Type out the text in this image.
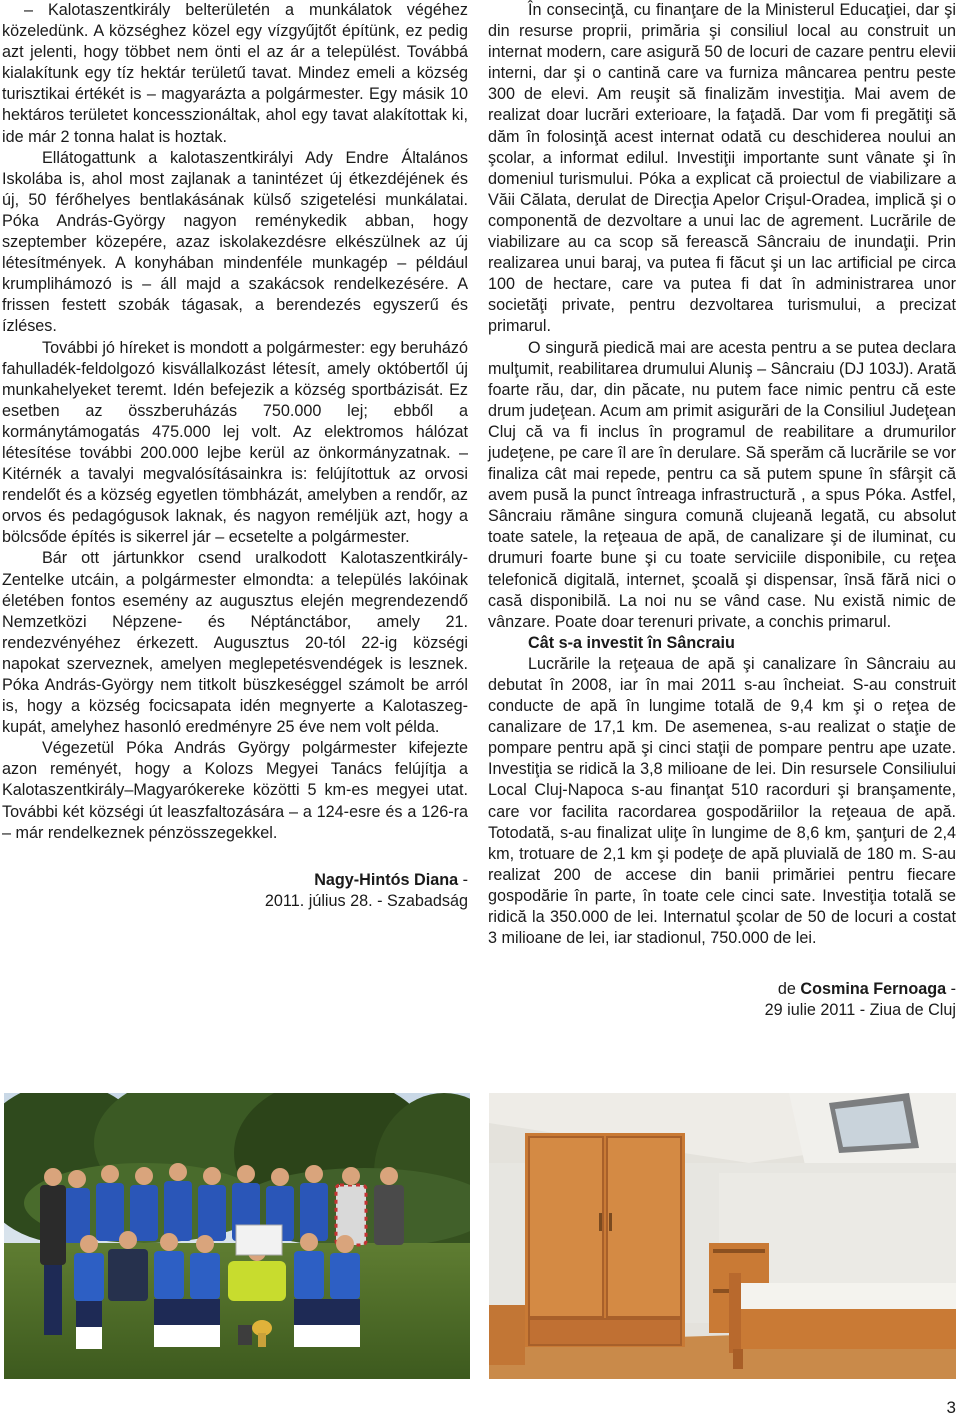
– Kalotaszentkirály belterületén a munkálatok végéhez közeledünk. A községhez közel egy vízgyűjtőt építünk, ez pedig azt jelenti, hogy többet nem önti el az ár a települést. Továbbá kialakítunk egy tíz hektár területű tavat. Mindez emeli a község turisztikai értékét is – magyarázta a polgármester. Egy másik 10 hektáros területet koncesszionáltak, ahol egy tavat alakítottak ki, ide már 2 tonna halat is hoztak.

Ellátogattunk a kalotaszentkirályi Ady Endre Általános Iskolába is, ahol most zajlanak a tanintézet új étkezdéjének és új, 50 férőhelyes bentlakásának külső szigetelési munkálatai. Póka András-György nagyon reménykedik abban, hogy szeptember közepére, azaz iskolakezdésre elkészülnek az új létesítmények. A konyhában mindenféle munkagép – például krumplihámozó is – áll majd a szakácsok rendelkezésére. A frissen festett szobák tágasak, a berendezés egyszerű és ízléses.

További jó híreket is mondott a polgármester: egy beruházó fahulladék-feldolgozó kisvállalkozást létesít, amely októbertől új munkahelyeket teremt. Idén befejezik a község sportbázisát. Ez esetben az összberuházás 750.000 lej; ebből a kormánytámogatás 475.000 lej volt. Az elektromos hálózat létesítése további 200.000 lejbe kerül az önkormányzatnak. – Kitérnék a tavalyi megvalósításainkra is: felújítottuk az orvosi rendelőt és a község egyetlen tömbházát, amelyben a rendőr, az orvos és pedagógusok laknak, és nagyon reméljük azt, hogy a bölcsőde építés is sikerrel jár – ecsetelte a polgármester.

Bár ott jártunkkor csend uralkodott Kalotaszentkirály-Zentelke utcáin, a polgármester elmondta: a település lakóinak életében fontos esemény az augusztus elején megrendezendő Nemzetközi Népzene- és Néptánctábor, amely 21. rendezvényéhez érkezett. Augusztus 20-tól 22-ig községi napokat szerveznek, amelyen meglepetésvendégek is lesznek. Póka András-György nem titkolt büszkeséggel számolt be arról is, hogy a község focicsapata idén megnyerte a Kalotaszeg-kupát, amelyhez hasonló eredményre 25 éve nem volt példa.

Végezetül Póka András György polgármester kifejezte azon reményét, hogy a Kolozs Megyei Tanács felújítja a Kalotaszentkirály–Magyarókereke közötti 5 km-es megyei utat. További két községi út leaszfaltozására – a 124-esre és a 126-ra – már rendelkeznek pénzösszegekkel.

Nagy-Hintós Diana -

2011. július 28. - Szabadság

În consecinţă, cu finanţare de la Ministerul Educaţiei, dar şi din resurse proprii, primăria şi consiliul local au construit un internat modern, care asigură 50 de locuri de cazare pentru elevii interni, dar şi o cantină care va furniza mâncarea pentru peste 300 de elevi. Am reuşit să finalizăm investiţia. Mai avem de realizat doar lucrări exterioare, la faţadă. Dar vom fi pregătiţi să dăm în folosinţă acest internat odată cu deschiderea noului an şcolar, a informat edilul. Investiţii importante sunt vânate şi în domeniul turismului. Póka a explicat că proiectul de viabilizare a Văii Călata, derulat de Direcţia Apelor Crişul-Oradea, implică şi o componentă de dezvoltare a unui lac de agrement. Lucrările de viabilizare au ca scop să ferească Sâncraiu de inundaţii. Prin realizarea unui baraj, va putea fi făcut şi un lac artificial pe circa 100 de hectare, care va putea fi dat în administrarea unor societăţi private, pentru dezvoltarea turismului, a precizat primarul.

O singură piedică mai are acesta pentru a se putea declara mulţumit, reabilitarea drumului Aluniş – Sâncraiu (DJ 103J). Arată foarte rău, dar, din păcate, nu putem face nimic pentru că este drum judeţean. Acum am primit asigurări de la Consiliul Judeţean Cluj că va fi inclus în programul de reabilitare a drumurilor judeţene, pe care îl are în derulare. Să sperăm că lucrările se vor finaliza cât mai repede, pentru ca să putem spune în sfârşit că avem pusă la punct întreaga infrastructură , a spus Póka. Astfel, Sâncraiu rămâne singura comună clujeană legată, cu absolut toate satele, la reţeaua de apă, de canalizare şi de iluminat, cu drumuri foarte bune şi cu toate serviciile disponibile, cu reţea telefonică digitală, internet, şcoală şi dispensar, însă fără nici o casă disponibilă. La noi nu se vând case. Nu există nimic de vânzare. Poate doar terenuri private, a conchis primarul.

Cât s-a investit în Sâncraiu

Lucrările la reţeaua de apă şi canalizare în Sâncraiu au debutat în 2008, iar în mai 2011 s-au încheiat. S-au construit conducte de apă în lungime totală de 9,4 km şi o reţea de canalizare de 17,1 km. De asemenea, s-au realizat o staţie de pompare pentru apă şi cinci staţii de pompare pentru ape uzate. Investiţia se ridică la 3,8 milioane de lei. Din resursele Consiliului Local Cluj-Napoca s-au finanţat 510 racorduri şi branşamente, care vor facilita racordarea gospodăriilor la reţeaua de apă. Totodată, s-au finalizat uliţe în lungime de 8,6 km, şanţuri de 2,4 km, trotuare de 2,1 km şi podeţe de apă pluvială de 180 m. S-au realizat 200 de accese din banii primăriei pentru fiecare gospodărie în parte, în toate cele cinci sate. Investiţia totală se ridică la 350.000 de lei. Internatul şcolar de 50 de locuri a costat 3 milioane de lei, iar stadionul, 750.000 de lei.

de Cosmina Fernoaga -

29 iulie 2011 - Ziua de Cluj

3
